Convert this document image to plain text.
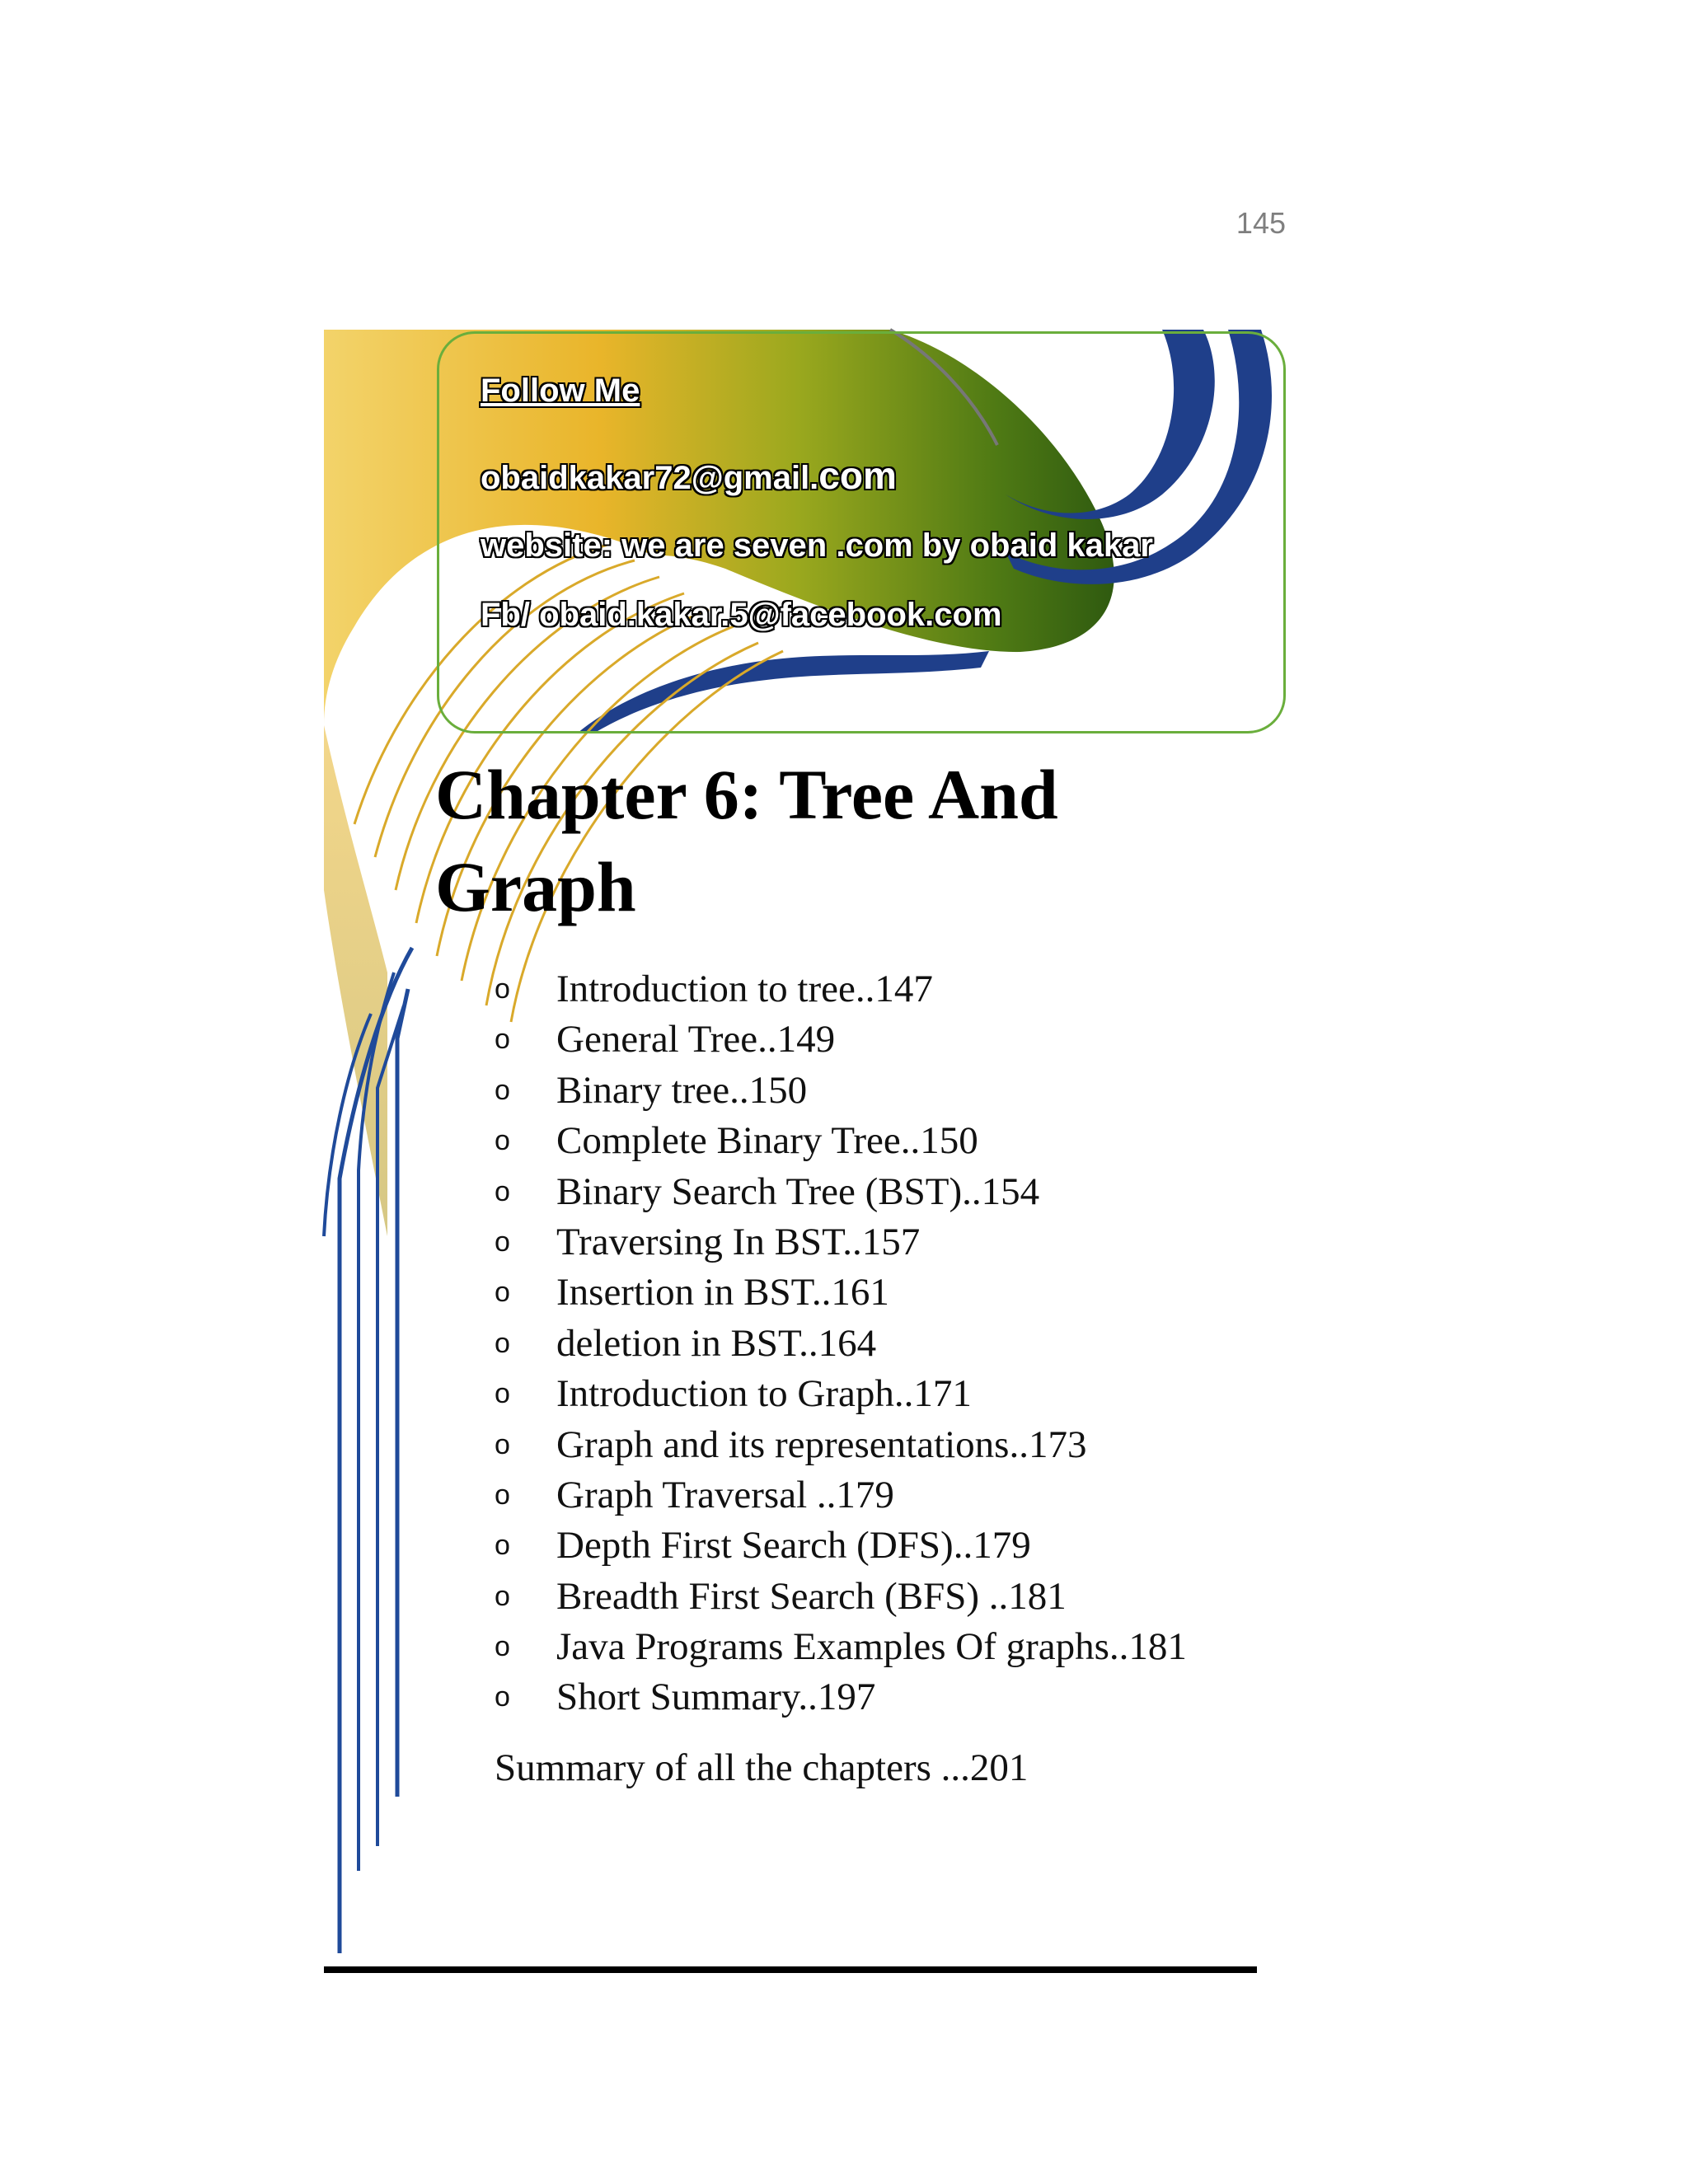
145
Follow Me
obaidkakar72@gmail.com
website: we are seven .com by obaid kakar
Fb/ obaid.kakar.5@facebook.com
Chapter 6: Tree And
Graph
o Introduction to tree..147
o General Tree..149
o Binary tree..150
o Complete Binary Tree..150
o Binary Search Tree (BST)..154
o Traversing In BST..157
o Insertion in BST..161
o deletion in BST..164
o Introduction to Graph..171
o Graph and its representations..173
o Graph Traversal ..179
o Depth First Search (DFS)..179
o Breadth First Search (BFS) ..181
o Java Programs Examples Of graphs..181
o Short Summary..197
Summary of all the chapters ...201
